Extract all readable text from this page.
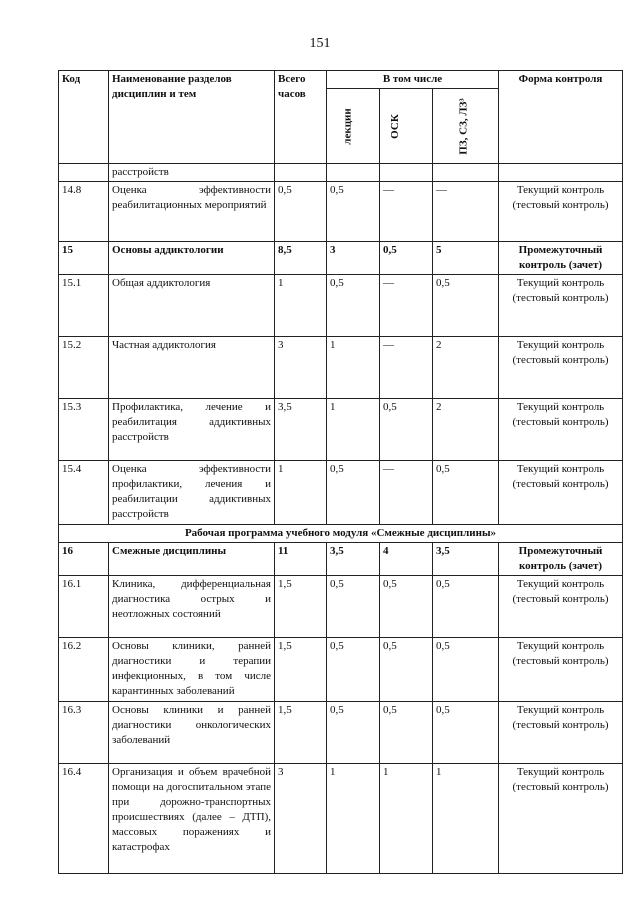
151
Код	Наименование разделов дисциплин и тем	Всего часов	В том числе			Форма контроля
			лекции	ОСК	ПЗ, СЗ, ЛЗ³	
	расстройств					
14.8	Оценка эффективности реабилитационных мероприятий	0,5	0,5	—	—	Текущий контроль (тестовый контроль)
15	Основы аддиктологии	8,5	3	0,5	5	Промежуточный контроль (зачет)
15.1	Общая аддиктология	1	0,5	—	0,5	Текущий контроль (тестовый контроль)
15.2	Частная аддиктология	3	1	—	2	Текущий контроль (тестовый контроль)
15.3	Профилактика, лечение и реабилитация аддиктивных расстройств	3,5	1	0,5	2	Текущий контроль (тестовый контроль)
15.4	Оценка эффективности профилактики, лечения и реабилитации аддиктивных расстройств	1	0,5	—	0,5	Текущий контроль (тестовый контроль)
Рабочая программа учебного модуля «Смежные дисциплины»						
16	Смежные дисциплины	11	3,5	4	3,5	Промежуточный контроль (зачет)
16.1	Клиника, дифференциальная диагностика острых и неотложных состояний	1,5	0,5	0,5	0,5	Текущий контроль (тестовый контроль)
16.2	Основы клиники, ранней диагностики и терапии инфекционных, в том числе карантинных заболеваний	1,5	0,5	0,5	0,5	Текущий контроль (тестовый контроль)
16.3	Основы клиники и ранней диагностики онкологических заболеваний	1,5	0,5	0,5	0,5	Текущий контроль (тестовый контроль)
16.4	Организация и объем врачебной помощи на догоспитальном этапе при дорожно-транспортных происшествиях (далее – ДТП), массовых поражениях и катастрофах	3	1	1	1	Текущий контроль (тестовый контроль)
